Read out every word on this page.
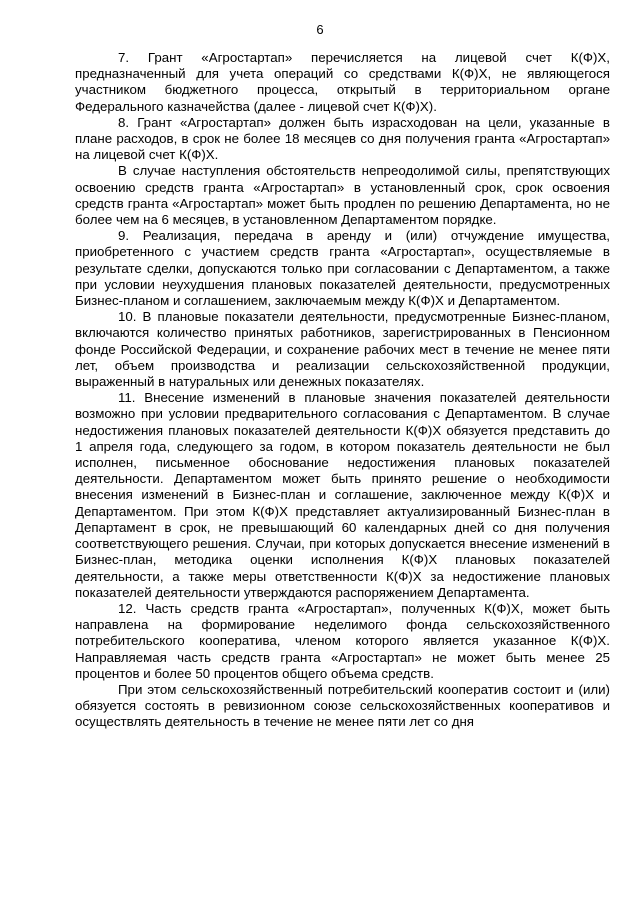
6

7. Грант «Агростартап» перечисляется на лицевой счет К(Ф)Х, предназначенный для учета операций со средствами К(Ф)Х, не являющегося участником бюджетного процесса, открытый в территориальном органе Федерального казначейства (далее - лицевой счет К(Ф)Х).

8. Грант «Агростартап» должен быть израсходован на цели, указанные в плане расходов, в срок не более 18 месяцев со дня получения гранта «Агростартап» на лицевой счет К(Ф)Х.

В случае наступления обстоятельств непреодолимой силы, препятствующих освоению средств гранта «Агростартап» в установленный срок, срок освоения средств гранта «Агростартап» может быть продлен по решению Департамента, но не более чем на 6 месяцев, в установленном Департаментом порядке.

9. Реализация, передача в аренду и (или) отчуждение имущества, приобретенного с участием средств гранта «Агростартап», осуществляемые в результате сделки, допускаются только при согласовании с Департаментом, а также при условии неухудшения плановых показателей деятельности, предусмотренных Бизнес-планом и соглашением, заключаемым между К(Ф)Х и Департаментом.

10. В плановые показатели деятельности, предусмотренные Бизнес-планом, включаются количество принятых работников, зарегистрированных в Пенсионном фонде Российской Федерации, и сохранение рабочих мест в течение не менее пяти лет, объем производства и реализации сельскохозяйственной продукции, выраженный в натуральных или денежных показателях.

11. Внесение изменений в плановые значения показателей деятельности возможно при условии предварительного согласования с Департаментом. В случае недостижения плановых показателей деятельности К(Ф)Х обязуется представить до 1 апреля года, следующего за годом, в котором показатель деятельности не был исполнен, письменное обоснование недостижения плановых показателей деятельности. Департаментом может быть принято решение о необходимости внесения изменений в Бизнес-план и соглашение, заключенное между К(Ф)Х и Департаментом. При этом К(Ф)Х представляет актуализированный Бизнес-план в Департамент в срок, не превышающий 60 календарных дней со дня получения соответствующего решения. Случаи, при которых допускается внесение изменений в Бизнес-план, методика оценки исполнения К(Ф)Х плановых показателей деятельности, а также меры ответственности К(Ф)Х за недостижение плановых показателей деятельности утверждаются распоряжением Департамента.

12. Часть средств гранта «Агростартап», полученных К(Ф)Х, может быть направлена на формирование неделимого фонда сельскохозяйственного потребительского кооператива, членом которого является указанное К(Ф)Х. Направляемая часть средств гранта «Агростартап» не может быть менее 25 процентов и более 50 процентов общего объема средств.

При этом сельскохозяйственный потребительский кооператив состоит и (или) обязуется состоять в ревизионном союзе сельскохозяйственных кооперативов и осуществлять деятельность в течение не менее пяти лет со дня
